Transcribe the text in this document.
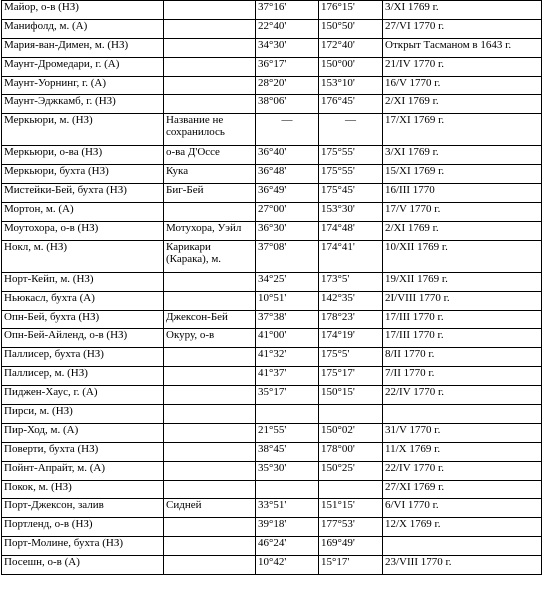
Майор, о-в (НЗ)		37°16'	176°15'	3/XI 1769 г.
Манифолд, м. (А)		22°40'	150°50'	27/VI 1770 г.
Мария-ван-Димен, м. (НЗ)		34°30'	172°40'	Открыт Тасманом в 1643 г.
Маунт-Дромедари, г. (А)		36°17'	150°00'	21/IV 1770 г.
Маунт-Уорнинг, г. (А)		28°20'	153°10'	16/V 1770 г.
Маунт-Эджкамб, г. (НЗ)		38°06'	176°45'	2/XI 1769 г.
Меркьюри, м. (НЗ)	Название не сохранилось	—	—	17/XI 1769 г.
Меркьюри, о-ва (НЗ)	о-ва Д'Осcе	36°40'	175°55'	3/XI 1769 г.
Меркьюри, бухта (НЗ)	Кука	36°48'	175°55'	15/XI 1769 г.
Мистейки-Бей, бухта (НЗ)	Биг-Бей	36°49'	175°45'	16/III 1770
Мортон, м. (А)		27°00'	153°30'	17/V 1770 г.
Моутохора, о-в (НЗ)	Мотухора, Уэйл	36°30'	174°48'	2/XI 1769 г.
Нокл, м. (НЗ)	Карикари (Карака), м.	37°08'	174°41'	10/XII 1769 г.
Норт-Кейп, м. (НЗ)		34°25'	173°5'	19/XII 1769 г.
Ньюкасл, бухта (А)		10°51'	142°35'	2I/VIII 1770 г.
Опн-Бей, бухта (НЗ)	Джексон-Бей	37°38'	178°23'	17/III 1770 г.
Опн-Бей-Айленд, о-в (НЗ)	Окуру, о-в	41°00'	174°19'	17/III 1770 г.
Паллисер, бухта (НЗ)		41°32'	175°5'	8/II 1770 г.
Паллисер, м. (НЗ)		41°37'	175°17'	7/II 1770 г.
Пиджен-Хаус, г. (А)		35°17'	150°15'	22/IV 1770 г.
Пирси, м. (НЗ)				
Пир-Ход, м. (А)		21°55'	150°02'	31/V 1770 г.
Поверти, бухта (НЗ)		38°45'	178°00'	11/X 1769 г.
Пойнт-Апрайт, м. (А)		35°30'	150°25'	22/IV 1770 г.
Покок, м. (НЗ)				27/XI 1769 г.
Порт-Джексон, залив	Сидней	33°51'	151°15'	6/VI 1770 г.
Портленд, о-в (НЗ)		39°18'	177°53'	12/X 1769 г.
Порт-Молине, бухта (НЗ)		46°24'	169°49'	
Посешн, о-в (А)		10°42'	15°17'	23/VIII 1770 г.
